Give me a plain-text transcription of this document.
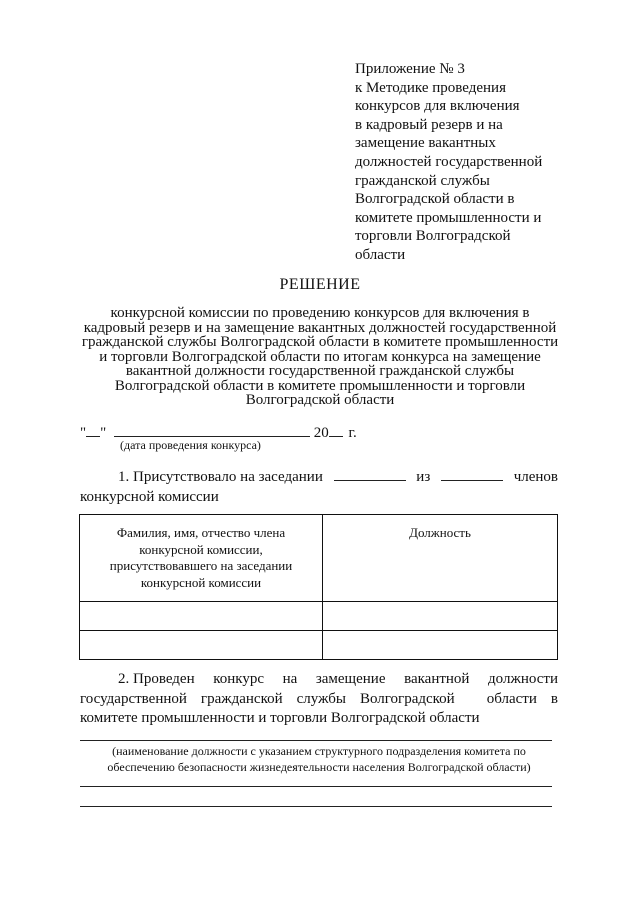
Приложение № 3
к Методике проведения
конкурсов для включения
в кадровый резерв и на
замещение вакантных
должностей государственной
гражданской службы
Волгоградской области в
комитете промышленности и
торговли Волгоградской
области
РЕШЕНИЕ
конкурсной комиссии по проведению конкурсов для включения в
кадровый резерв и на замещение вакантных должностей государственной
гражданской службы Волгоградской области в комитете промышленности
и торговли Волгоградской области по итогам конкурса на замещение
вакантной должности государственной гражданской службы
Волгоградской области в комитете промышленности и торговли
Волгоградской области
" "	20 г.
(дата проведения конкурса)
1. Присутствовало на заседании	из	членов
конкурсной комиссии
Фамилия, имя, отчество члена конкурсной комиссии, присутствовавшего на заседании конкурсной комиссии	Должность

2. Проведен конкурс на замещение вакантной должности
государственной гражданской службы Волгоградской области в
комитете промышленности и торговли Волгоградской области
(наименование должности с указанием структурного подразделения комитета по
обеспечению безопасности жизнедеятельности населения Волгоградской области)
